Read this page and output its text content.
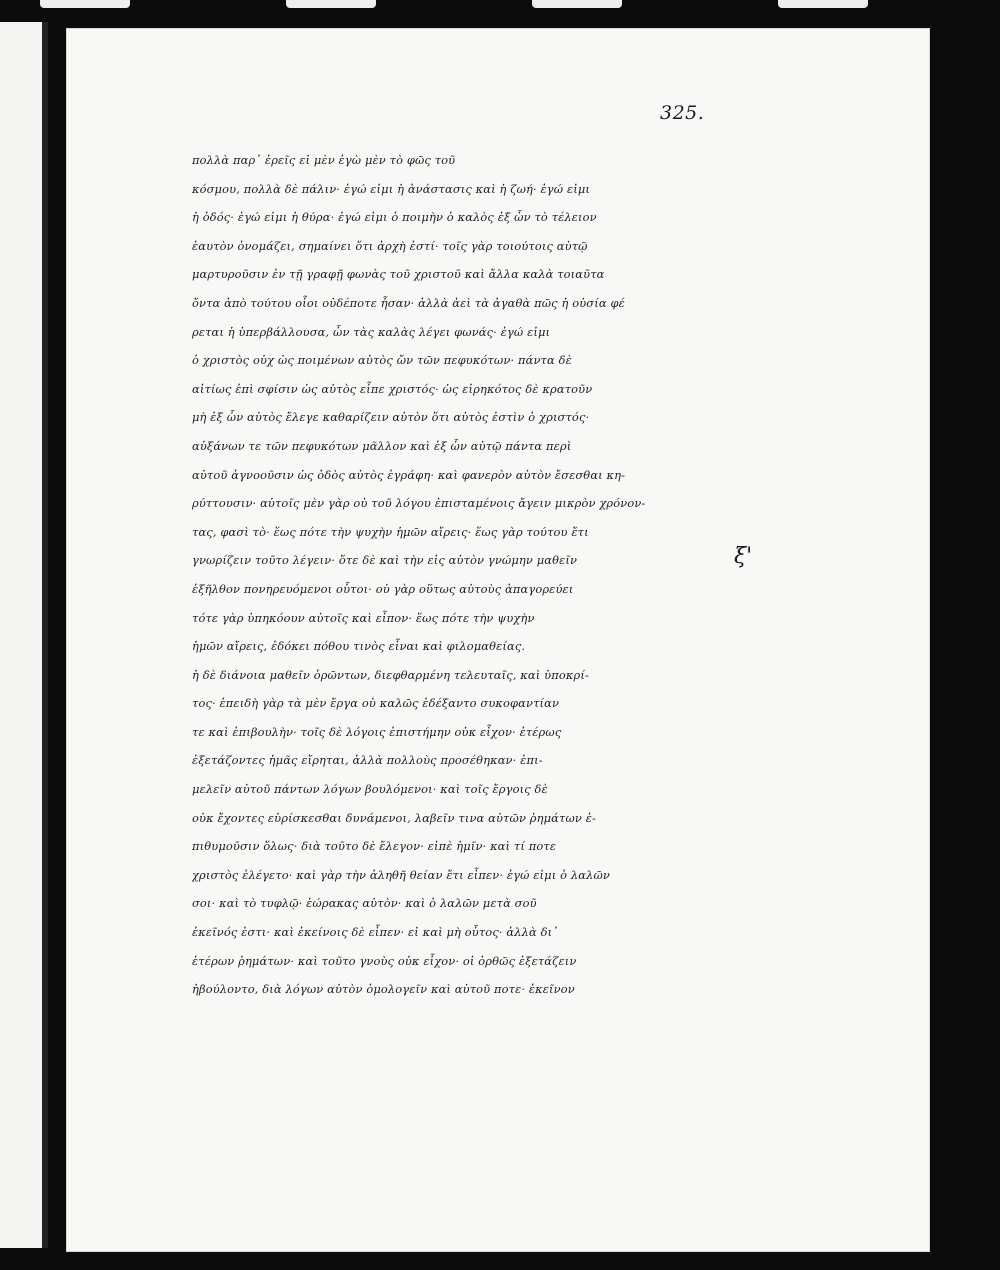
325.
ξ'
πολλὰ παρ᾽ ἐρεῖς εἰ μὲν ἐγὼ μὲν τὸ φῶς τοῦ
κόσμου, πολλὰ δὲ πάλιν· ἐγώ εἰμι ἡ ἀνάστασις καὶ ἡ ζωή· ἐγώ εἰμι
ἡ ὁδός· ἐγώ εἰμι ἡ θύρα· ἐγώ εἰμι ὁ ποιμὴν ὁ καλὸς ἐξ ὧν τὸ τέλειον
ἑαυτὸν ὀνομάζει, σημαίνει ὅτι ἀρχὴ ἐστί· τοῖς γὰρ τοιούτοις αὐτῷ
μαρτυροῦσιν ἐν τῇ γραφῇ φωνὰς τοῦ χριστοῦ καὶ ἄλλα καλὰ τοιαῦτα
ὄντα ἀπὸ τούτου οἷοι οὐδέποτε ἦσαν· ἀλλὰ ἀεὶ τὰ ἀγαθὰ πῶς ἡ οὐσία φέ
ρεται ἡ ὑπερβάλλουσα, ὧν τὰς καλὰς λέγει φωνάς· ἐγώ εἰμι
ὁ χριστὸς οὐχ ὡς ποιμένων αὐτὸς ὤν τῶν πεφυκότων· πάντα δὲ
αἰτίως ἐπὶ σφίσιν ὡς αὐτὸς εἶπε χριστός· ὡς εἰρηκότος δὲ κρατοῦν
μὴ ἐξ ὧν αὐτὸς ἔλεγε καθαρίζειν αὐτὸν ὅτι αὐτὸς ἐστὶν ὁ χριστός·
αὐξάνων τε τῶν πεφυκότων μᾶλλον καὶ ἐξ ὧν αὐτῷ πάντα περὶ
αὐτοῦ ἀγνοοῦσιν ὡς ὁδὸς αὐτὸς ἐγράφη· καὶ φανερὸν αὐτὸν ἔσεσθαι κη-
ρύττουσιν· αὐτοῖς μὲν γὰρ οὐ τοῦ λόγου ἐπισταμένοις ἄγειν μικρὸν χρόνον-
τας, φασὶ τὸ· ἕως πότε τὴν ψυχὴν ἡμῶν αἴρεις· ἕως γὰρ τούτου ἔτι
γνωρίζειν τοῦτο λέγειν· ὅτε δὲ καὶ τὴν εἰς αὐτὸν γνώμην μαθεῖν
ἐξῆλθον πονηρευόμενοι οὗτοι· οὐ γὰρ οὕτως αὐτοὺς ἀπαγορεύει
τότε γὰρ ὑπηκόουν αὐτοῖς καὶ εἶπον· ἕως πότε τὴν ψυχὴν
ἡμῶν αἴρεις, ἐδόκει πόθου τινὸς εἶναι καὶ φιλομαθείας.
ἡ δὲ διάνοια μαθεῖν ὁρῶντων, διεφθαρμένη τελευταῖς, καὶ ὑποκρί-
τος· ἐπειδὴ γὰρ τὰ μὲν ἔργα οὐ καλῶς ἐδέξαντο συκοφαντίαν
τε καὶ ἐπιβουλὴν· τοῖς δὲ λόγοις ἐπιστήμην οὐκ εἶχον· ἑτέρως
ἐξετάζοντες ἡμᾶς εἴρηται, ἀλλὰ πολλοὺς προσέθηκαν· ἐπι-
μελεῖν αὐτοῦ πάντων λόγων βουλόμενοι· καὶ τοῖς ἔργοις δὲ
οὐκ ἔχοντες εὑρίσκεσθαι δυνάμενοι, λαβεῖν τινα αὐτῶν ῥημάτων ἐ-
πιθυμοῦσιν ὅλως· διὰ τοῦτο δὲ ἔλεγον· εἰπὲ ἡμῖν· καὶ τί ποτε
χριστὸς ἐλέγετο· καὶ γὰρ τὴν ἀληθῆ θείαν ἔτι εἶπεν· ἐγώ εἰμι ὁ λαλῶν
σοι· καὶ τὸ τυφλῷ· ἑώρακας αὐτὸν· καὶ ὁ λαλῶν μετὰ σοῦ
ἐκεῖνός ἐστι· καὶ ἐκείνοις δὲ εἶπεν· εἰ καὶ μὴ οὗτος· ἀλλὰ δι᾽
ἑτέρων ῥημάτων· καὶ τοῦτο γνοὺς οὐκ εἶχον· οἱ ὀρθῶς ἐξετάζειν
ἠβούλοντο, διὰ λόγων αὐτὸν ὁμολογεῖν καὶ αὐτοῦ ποτε· ἐκεῖνον
